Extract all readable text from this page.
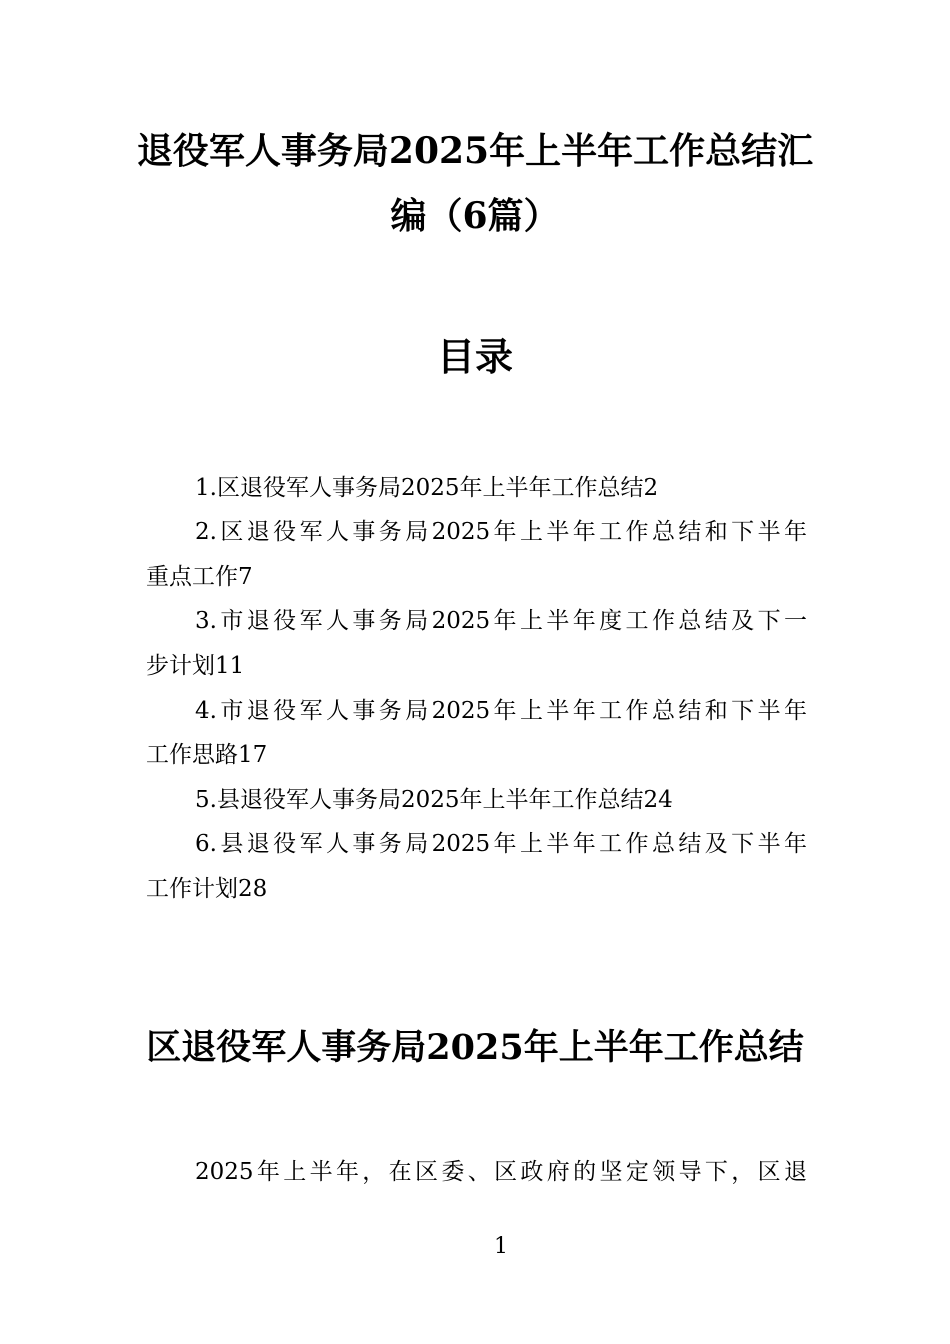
退役军人事务局2025年上半年工作总结汇
编（6篇）
目录
1.区退役军人事务局2025年上半年工作总结2
2.区退役军人事务局2025年上半年工作总结和下半年
重点工作7
3.市退役军人事务局2025年上半年度工作总结及下一
步计划11
4.市退役军人事务局2025年上半年工作总结和下半年
工作思路17
5.县退役军人事务局2025年上半年工作总结24
6.县退役军人事务局2025年上半年工作总结及下半年
工作计划28
区退役军人事务局2025年上半年工作总结
2025年上半年，在区委、区政府的坚定领导下，区退
1
